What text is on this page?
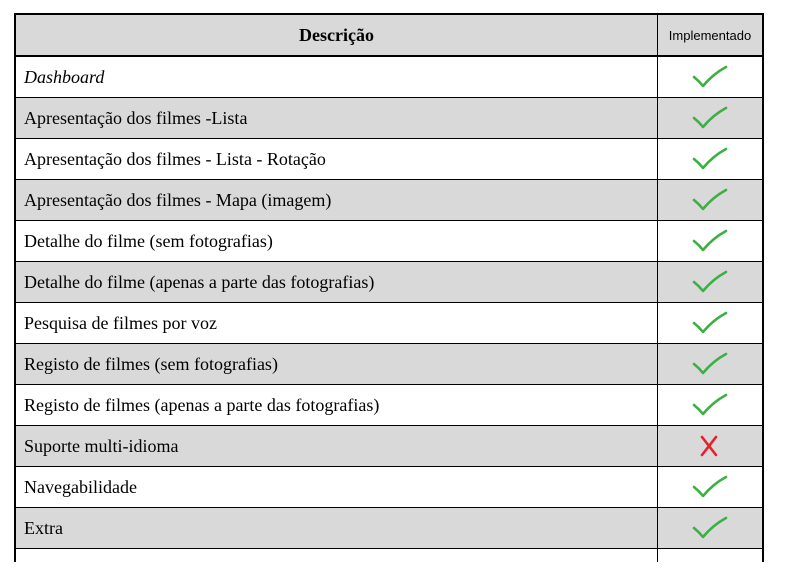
Descrição	Implementado
Dashboard
Apresentação dos filmes -Lista
Apresentação dos filmes - Lista - Rotação
Apresentação dos filmes - Mapa (imagem)
Detalhe do filme (sem fotografias)
Detalhe do filme (apenas a parte das fotografias)
Pesquisa de filmes por voz
Registo de filmes (sem fotografias)
Registo de filmes (apenas a parte das fotografias)
Suporte multi-idioma
Navegabilidade
Extra
